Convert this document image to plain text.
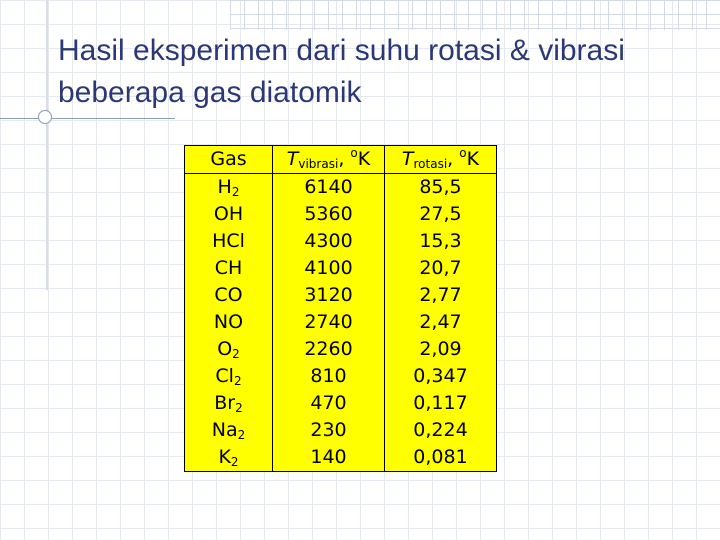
Hasil eksperimen dari suhu rotasi & vibrasi beberapa gas diatomik
Gas	$T_{vibrasi}$, $^o$K	$T_{rotasi}$, $^o$K
$H_2$	6140	85,5
OH	5360	27,5
HCl	4300	15,3
CH	4100	20,7
CO	3120	2,77
NO	2740	2,47
$O_2$	2260	2,09
$Cl_2$	810	0,347
$Br_2$	470	0,117
$Na_2$	230	0,224
$K_2$	140	0,081
